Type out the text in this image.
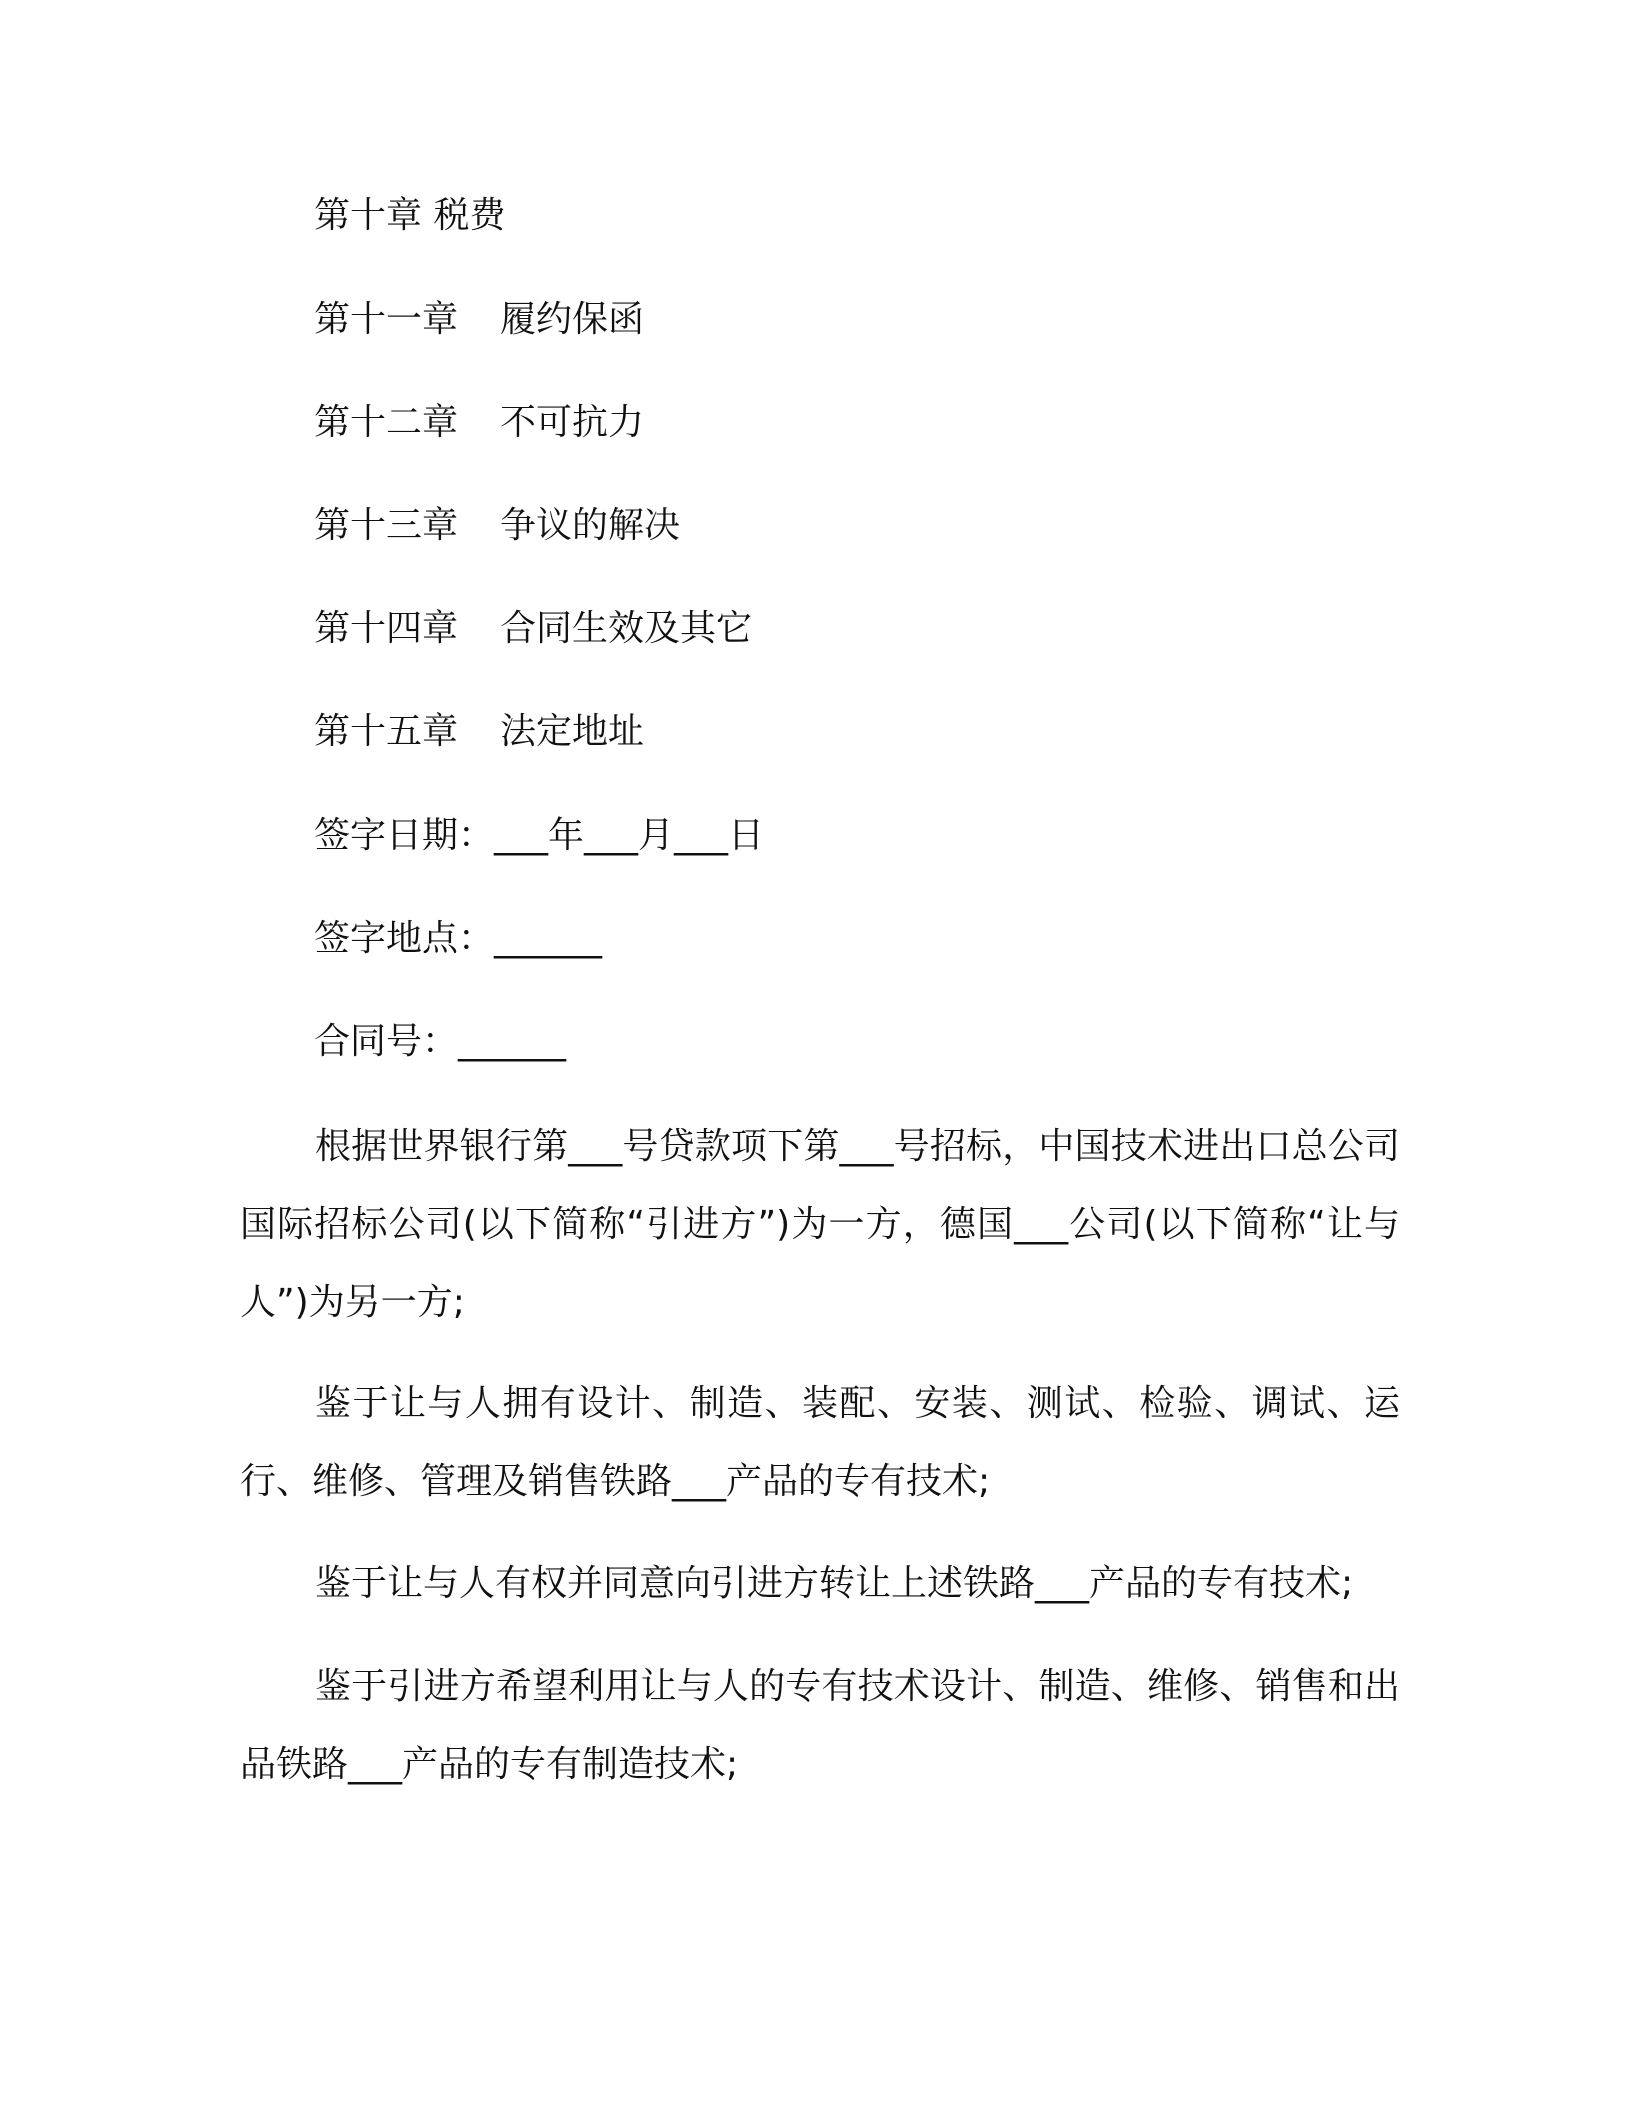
第十章 税费
第十一章 履约保函
第十二章 不可抗力
第十三章 争议的解决
第十四章 合同生效及其它
第十五章 法定地址
签字日期：___年___月___日
签字地点：______
合同号：______
根据世界银行第___号贷款项下第___号招标，中国技术进出口总公司国际招标公司(以下简称“引进方”)为一方，德国___公司(以下简称“让与人”)为另一方;
鉴于让与人拥有设计、制造、装配、安装、测试、检验、调试、运行、维修、管理及销售铁路___产品的专有技术;
鉴于让与人有权并同意向引进方转让上述铁路___产品的专有技术;
鉴于引进方希望利用让与人的专有技术设计、制造、维修、销售和出品铁路___产品的专有制造技术;
